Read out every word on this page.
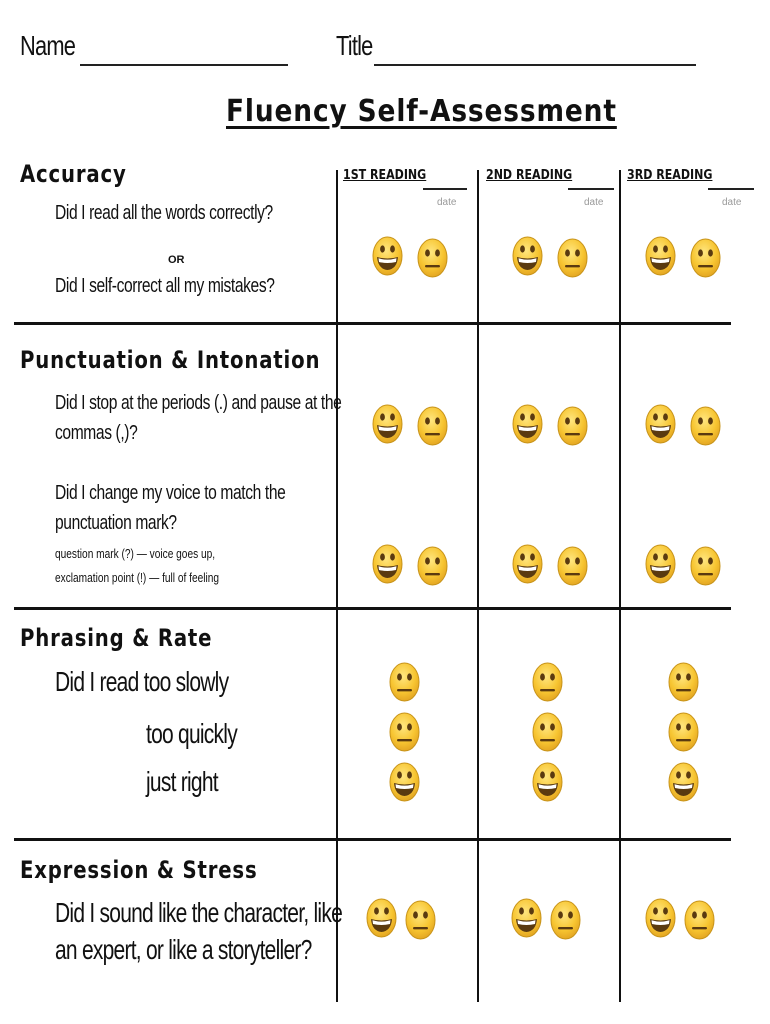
Name	Title
Fluency Self-Assessment
1ST READING
date
2ND READING
date
3RD READING
date
Accuracy
Did I read all the words correctly?
OR
Did I self-correct all my mistakes?
Punctuation & Intonation
Did I stop at the periods (.) and pause at the
commas (,)?
Did I change my voice to match the
punctuation mark?
question mark (?) — voice goes up,
exclamation point (!) — full of feeling
Phrasing & Rate
Did I read too slowly
too quickly
just right
Expression & Stress
Did I sound like the character, like
an expert, or like a storyteller?
